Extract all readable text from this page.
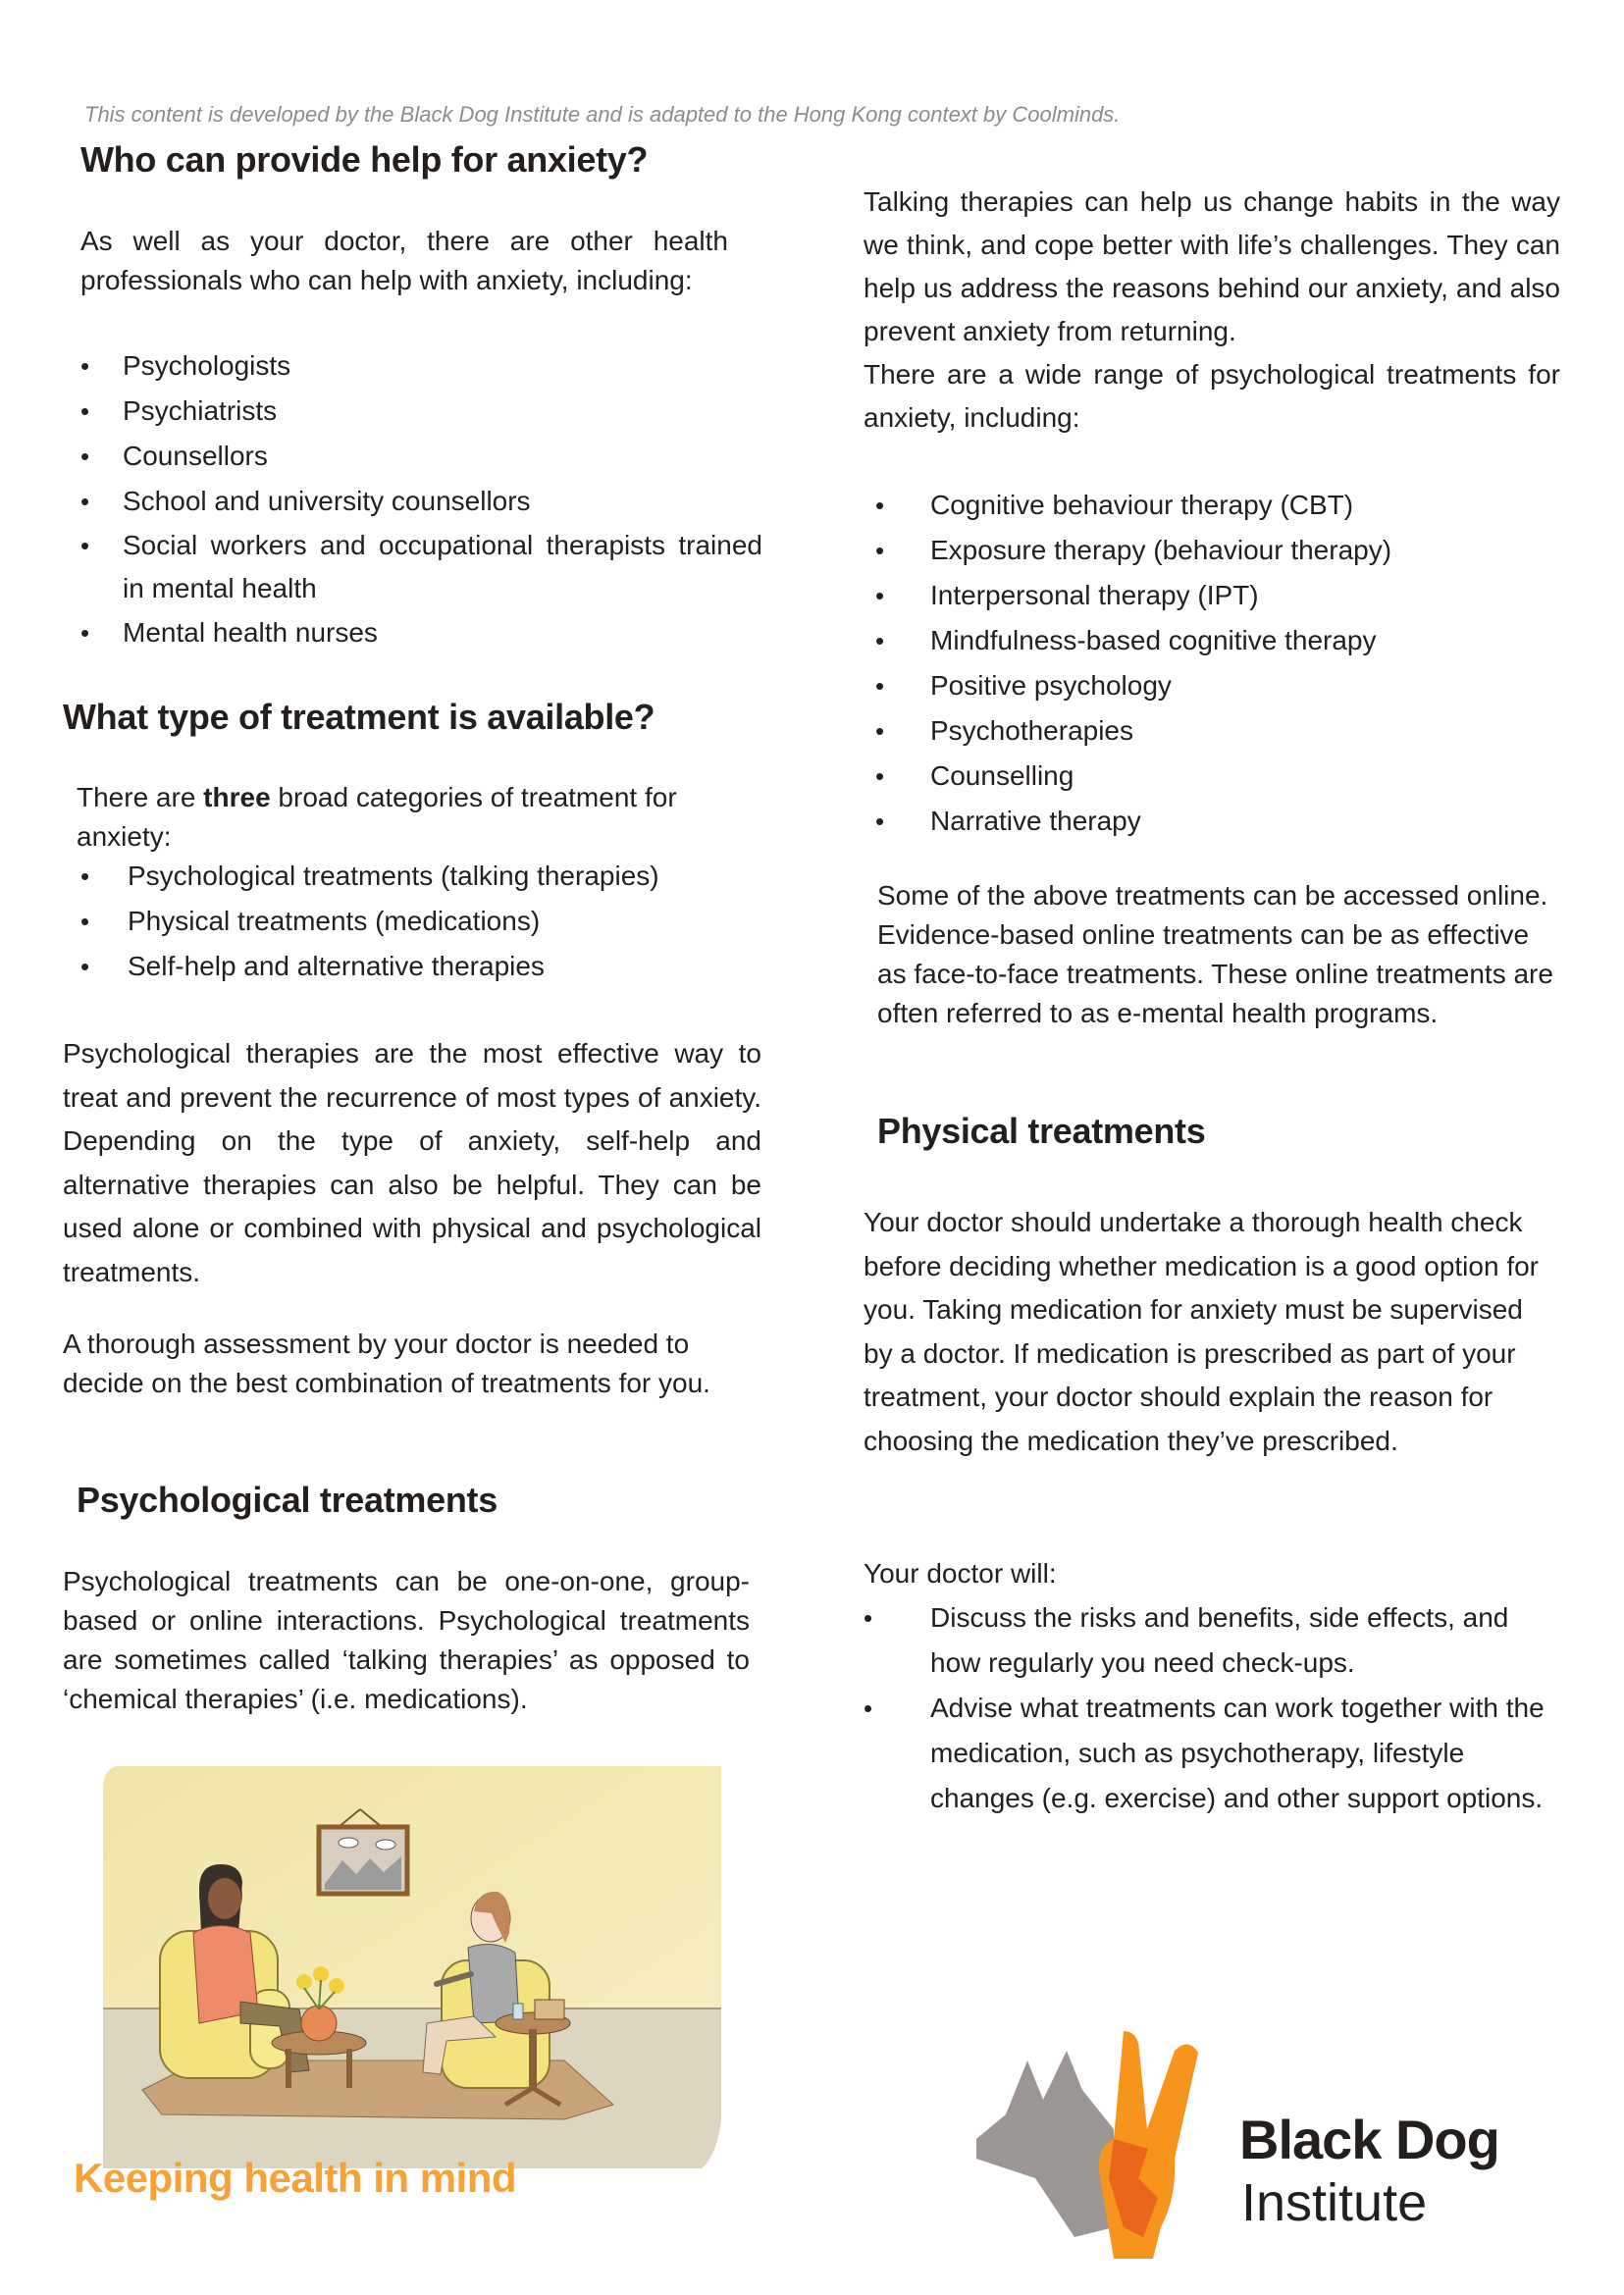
This content is developed by the Black Dog Institute and is adapted to the Hong Kong context by Coolminds.
Who can provide help for anxiety?

As well as your doctor, there are other health professionals who can help with anxiety, including:

• Psychologists
• Psychiatrists
• Counsellors
• School and university counsellors
• Social workers and occupational therapists trained in mental health
• Mental health nurses
What type of treatment is available?

There are three broad categories of treatment for anxiety:

• Psychological treatments (talking therapies)
• Physical treatments (medications)
• Self-help and alternative therapies

Psychological therapies are the most effective way to treat and prevent the recurrence of most types of anxiety. Depending on the type of anxiety, self-help and alternative therapies can also be helpful. They can be used alone or combined with physical and psychological treatments.

A thorough assessment by your doctor is needed to decide on the best combination of treatments for you.

Psychological treatments

Psychological treatments can be one-on-one, group-based or online interactions. Psychological treatments are sometimes called ‘talking therapies’ as opposed to ‘chemical therapies’ (i.e. medications).

Keeping health in mind

Talking therapies can help us change habits in the way we think, and cope better with life’s challenges. They can help us address the reasons behind our anxiety, and also prevent anxiety from returning.
There are a wide range of psychological treatments for anxiety, including:

• Cognitive behaviour therapy (CBT)
• Exposure therapy (behaviour therapy)
• Interpersonal therapy (IPT)
• Mindfulness-based cognitive therapy
• Positive psychology
• Psychotherapies
• Counselling
• Narrative therapy

Some of the above treatments can be accessed online. Evidence-based online treatments can be as effective as face-to-face treatments. These online treatments are often referred to as e-mental health programs.

Physical treatments

Your doctor should undertake a thorough health check before deciding whether medication is a good option for you. Taking medication for anxiety must be supervised by a doctor. If medication is prescribed as part of your treatment, your doctor should explain the reason for choosing the medication they’ve prescribed.

Your doctor will:
• Discuss the risks and benefits, side effects, and how regularly you need check-ups.
• Advise what treatments can work together with the medication, such as psychotherapy, lifestyle changes (e.g. exercise) and other support options.
Black Dog
Institute
